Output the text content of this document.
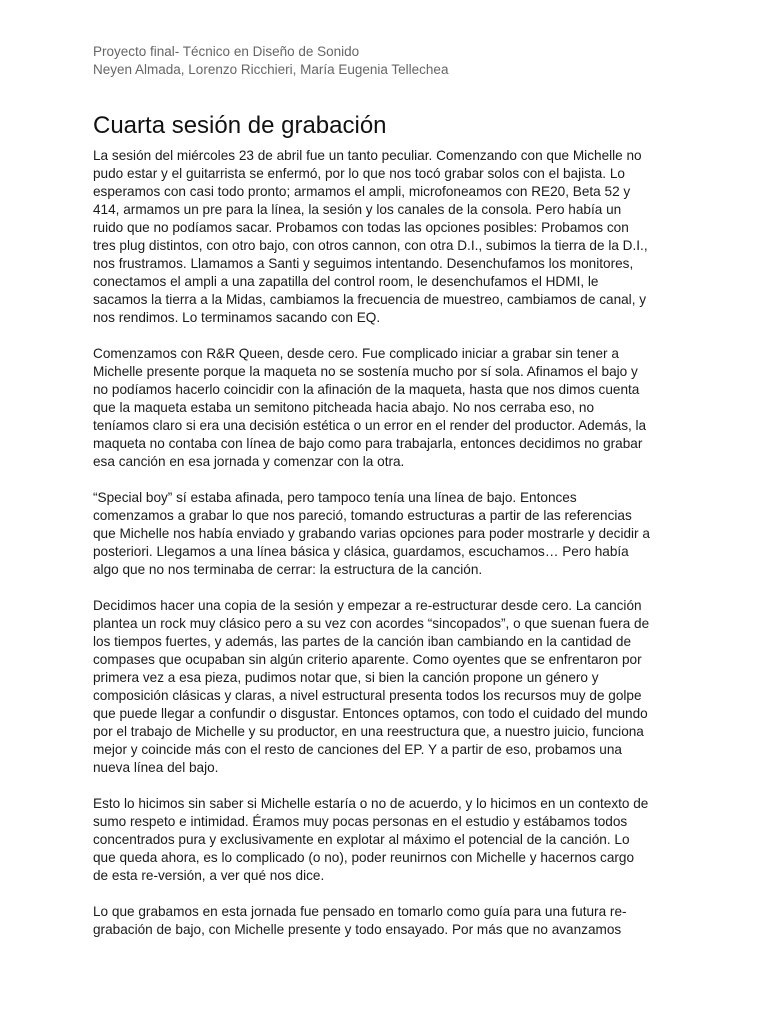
Proyecto final- Técnico en Diseño de Sonido
Neyen Almada, Lorenzo Ricchieri, María Eugenia Tellechea
Cuarta sesión de grabación

La sesión del miércoles 23 de abril fue un tanto peculiar. Comenzando con que Michelle no
pudo estar y el guitarrista se enfermó, por lo que nos tocó grabar solos con el bajista. Lo
esperamos con casi todo pronto; armamos el ampli, microfoneamos con RE20, Beta 52 y
414, armamos un pre para la línea, la sesión y los canales de la consola. Pero había un
ruido que no podíamos sacar. Probamos con todas las opciones posibles: Probamos con
tres plug distintos, con otro bajo, con otros cannon, con otra D.I., subimos la tierra de la D.I.,
nos frustramos. Llamamos a Santi y seguimos intentando. Desenchufamos los monitores,
conectamos el ampli a una zapatilla del control room, le desenchufamos el HDMI, le
sacamos la tierra a la Midas, cambiamos la frecuencia de muestreo, cambiamos de canal, y
nos rendimos. Lo terminamos sacando con EQ.

Comenzamos con R&R Queen, desde cero. Fue complicado iniciar a grabar sin tener a
Michelle presente porque la maqueta no se sostenía mucho por sí sola. Afinamos el bajo y
no podíamos hacerlo coincidir con la afinación de la maqueta, hasta que nos dimos cuenta
que la maqueta estaba un semitono pitcheada hacia abajo. No nos cerraba eso, no
teníamos claro si era una decisión estética o un error en el render del productor. Además, la
maqueta no contaba con línea de bajo como para trabajarla, entonces decidimos no grabar
esa canción en esa jornada y comenzar con la otra.

“Special boy” sí estaba afinada, pero tampoco tenía una línea de bajo. Entonces
comenzamos a grabar lo que nos pareció, tomando estructuras a partir de las referencias
que Michelle nos había enviado y grabando varias opciones para poder mostrarle y decidir a
posteriori. Llegamos a una línea básica y clásica, guardamos, escuchamos… Pero había
algo que no nos terminaba de cerrar: la estructura de la canción.

Decidimos hacer una copia de la sesión y empezar a re-estructurar desde cero. La canción
plantea un rock muy clásico pero a su vez con acordes “sincopados”, o que suenan fuera de
los tiempos fuertes, y además, las partes de la canción iban cambiando en la cantidad de
compases que ocupaban sin algún criterio aparente. Como oyentes que se enfrentaron por
primera vez a esa pieza, pudimos notar que, si bien la canción propone un género y
composición clásicas y claras, a nivel estructural presenta todos los recursos muy de golpe
que puede llegar a confundir o disgustar. Entonces optamos, con todo el cuidado del mundo
por el trabajo de Michelle y su productor, en una reestructura que, a nuestro juicio, funciona
mejor y coincide más con el resto de canciones del EP. Y a partir de eso, probamos una
nueva línea del bajo.

Esto lo hicimos sin saber si Michelle estaría o no de acuerdo, y lo hicimos en un contexto de
sumo respeto e intimidad. Éramos muy pocas personas en el estudio y estábamos todos
concentrados pura y exclusivamente en explotar al máximo el potencial de la canción. Lo
que queda ahora, es lo complicado (o no), poder reunirnos con Michelle y hacernos cargo
de esta re-versión, a ver qué nos dice.

Lo que grabamos en esta jornada fue pensado en tomarlo como guía para una futura re-
grabación de bajo, con Michelle presente y todo ensayado. Por más que no avanzamos
